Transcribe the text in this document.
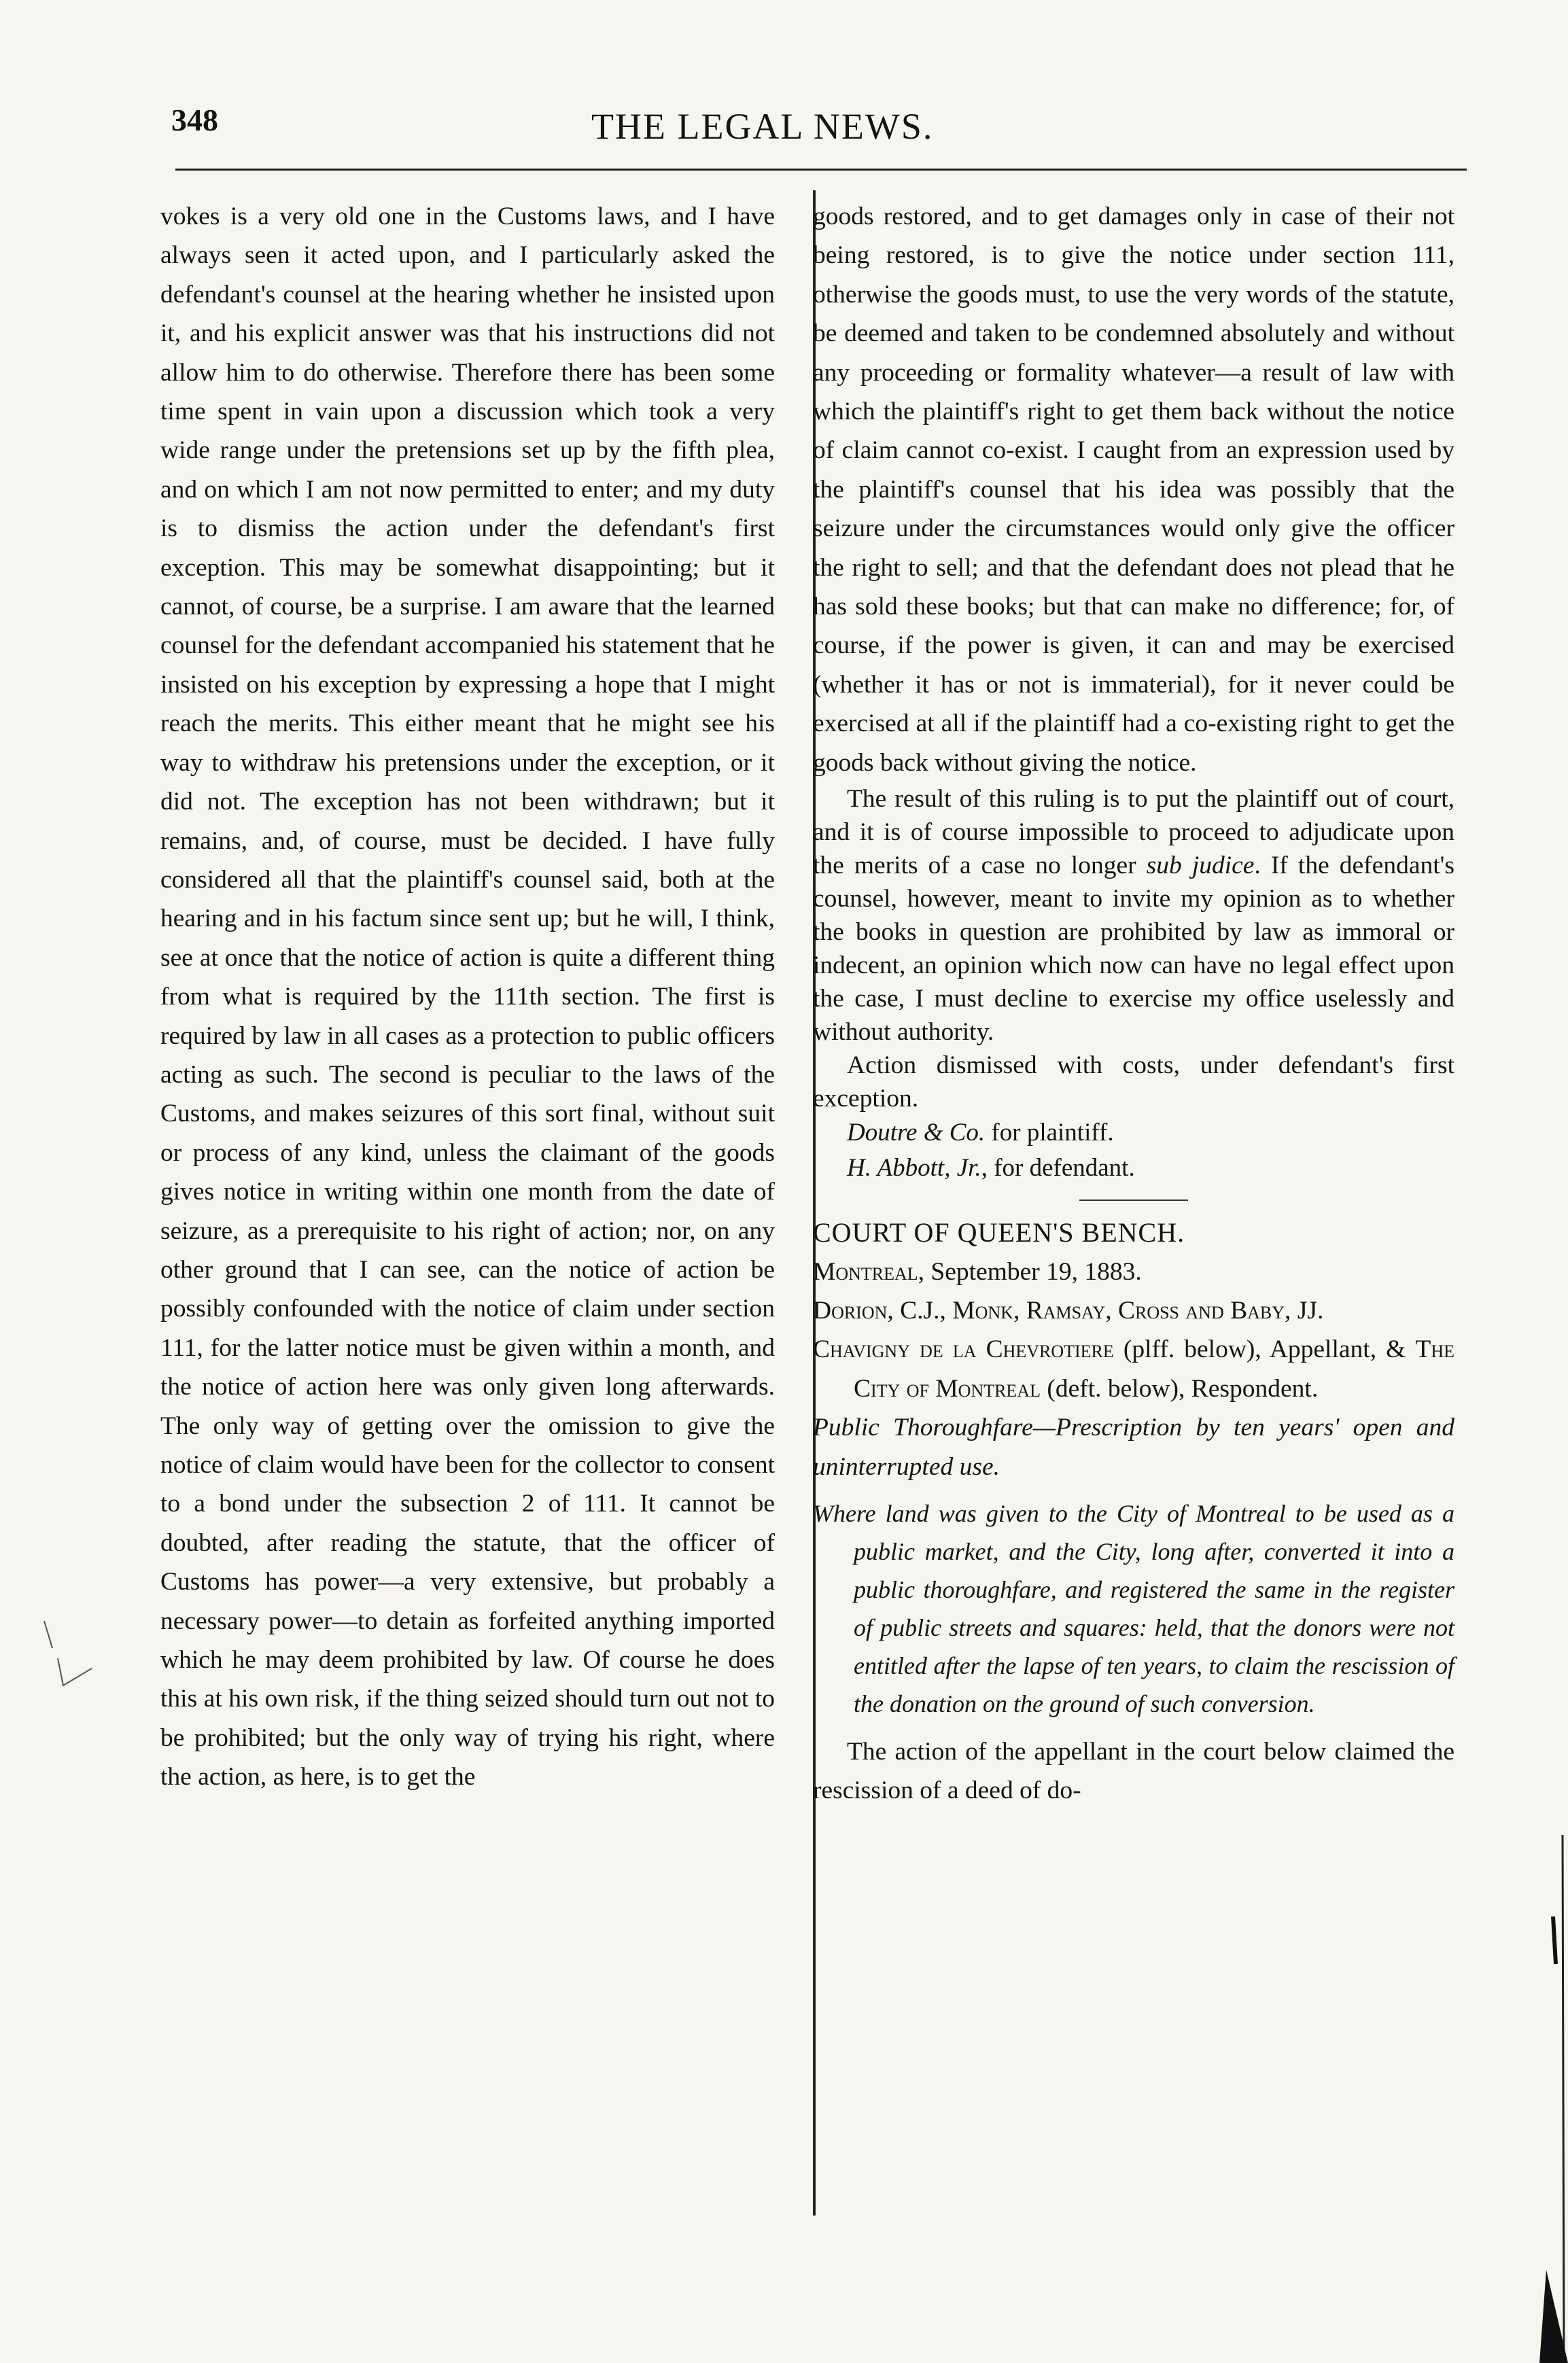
348	THE LEGAL NEWS.

vokes is a very old one in the Customs laws, and I have always seen it acted upon, and I particularly asked the defendant's counsel at the hearing whether he insisted upon it, and his explicit answer was that his instructions did not allow him to do otherwise. Therefore there has been some time spent in vain upon a discussion which took a very wide range under the pretensions set up by the fifth plea, and on which I am not now permitted to enter; and my duty is to dismiss the action under the defendant's first exception. This may be somewhat disappointing; but it cannot, of course, be a surprise. I am aware that the learned counsel for the defendant accompanied his statement that he insisted on his exception by expressing a hope that I might reach the merits. This either meant that he might see his way to withdraw his pretensions under the exception, or it did not. The exception has not been withdrawn; but it remains, and, of course, must be decided. I have fully considered all that the plaintiff's counsel said, both at the hearing and in his factum since sent up; but he will, I think, see at once that the notice of action is quite a different thing from what is required by the 111th section. The first is required by law in all cases as a protection to public officers acting as such. The second is peculiar to the laws of the Customs, and makes seizures of this sort final, without suit or process of any kind, unless the claimant of the goods gives notice in writing within one month from the date of seizure, as a prerequisite to his right of action; nor, on any other ground that I can see, can the notice of action be possibly confounded with the notice of claim under section 111, for the latter notice must be given within a month, and the notice of action here was only given long afterwards. The only way of getting over the omission to give the notice of claim would have been for the collector to consent to a bond under the subsection 2 of 111. It cannot be doubted, after reading the statute, that the officer of Customs has power—a very extensive, but probably a necessary power—to detain as forfeited anything imported which he may deem prohibited by law. Of course he does this at his own risk, if the thing seized should turn out not to be prohibited; but the only way of trying his right, where the action, as here, is to get the

goods restored, and to get damages only in case of their not being restored, is to give the notice under section 111, otherwise the goods must, to use the very words of the statute, be deemed and taken to be condemned absolutely and without any proceeding or formality whatever—a result of law with which the plaintiff's right to get them back without the notice of claim cannot co-exist. I caught from an expression used by the plaintiff's counsel that his idea was possibly that the seizure under the circumstances would only give the officer the right to sell; and that the defendant does not plead that he has sold these books; but that can make no difference; for, of course, if the power is given, it can and may be exercised (whether it has or not is immaterial), for it never could be exercised at all if the plaintiff had a co-existing right to get the goods back without giving the notice.

The result of this ruling is to put the plaintiff out of court, and it is of course impossible to proceed to adjudicate upon the merits of a case no longer sub judice. If the defendant's counsel, however, meant to invite my opinion as to whether the books in question are prohibited by law as immoral or indecent, an opinion which now can have no legal effect upon the case, I must decline to exercise my office uselessly and without authority.

Action dismissed with costs, under defendant's first exception.

Doutre & Co. for plaintiff.

H. Abbott, Jr., for defendant.

COURT OF QUEEN'S BENCH.

Montreal, September 19, 1883.

Dorion, C.J., Monk, Ramsay, Cross and Baby, JJ.

Chavigny de la Chevrotiere (plff. below), Appellant, & The City of Montreal (deft. below), Respondent.

Public Thoroughfare—Prescription by ten years' open and uninterrupted use.

Where land was given to the City of Montreal to be used as a public market, and the City, long after, converted it into a public thoroughfare, and registered the same in the register of public streets and squares: held, that the donors were not entitled after the lapse of ten years, to claim the rescission of the donation on the ground of such conversion.

The action of the appellant in the court below claimed the rescission of a deed of do-
